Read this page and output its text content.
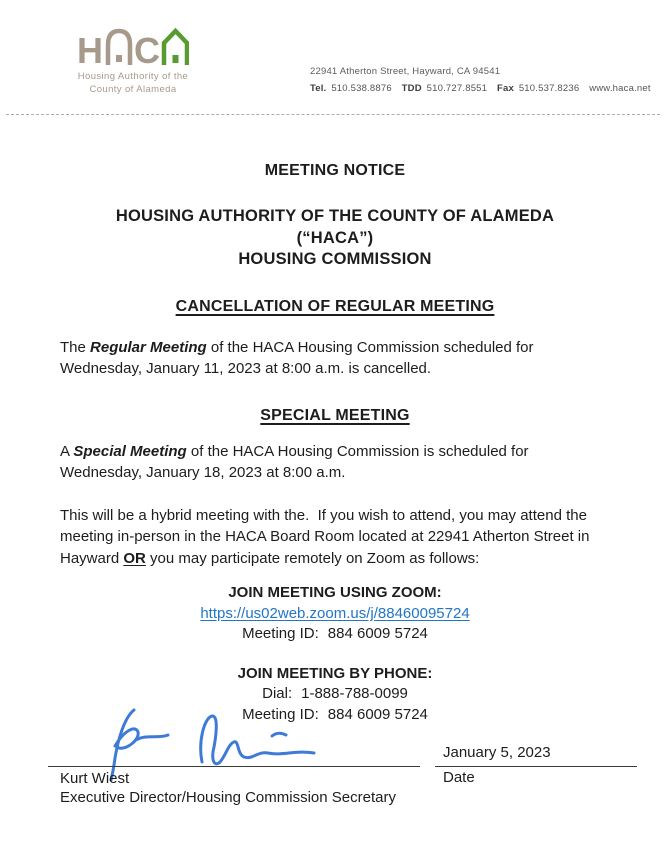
H C
Housing Authority of the
County of Alameda
22941 Atherton Street, Hayward, CA 94541
Tel. 510.538.8876 TDD 510.727.8551 Fax 510.537.8236 www.haca.net
MEETING NOTICE
HOUSING AUTHORITY OF THE COUNTY OF ALAMEDA
(“HACA”)
HOUSING COMMISSION
CANCELLATION OF REGULAR MEETING

The Regular Meeting of the HACA Housing Commission scheduled for Wednesday, January 11, 2023 at 8:00 a.m. is cancelled.

SPECIAL MEETING

A Special Meeting of the HACA Housing Commission is scheduled for Wednesday, January 18, 2023 at 8:00 a.m.

This will be a hybrid meeting with the.  If you wish to attend, you may attend the meeting in-person in the HACA Board Room located at 22941 Atherton Street in Hayward OR you may participate remotely on Zoom as follows:

JOIN MEETING USING ZOOM:
https://us02web.zoom.us/j/88460095724
Meeting ID: 884 6009 5724
JOIN MEETING BY PHONE:
Dial: 1-888-788-0099
Meeting ID: 884 6009 5724
Kurt Wiest
Executive Director/Housing Commission Secretary
January 5, 2023
Date
